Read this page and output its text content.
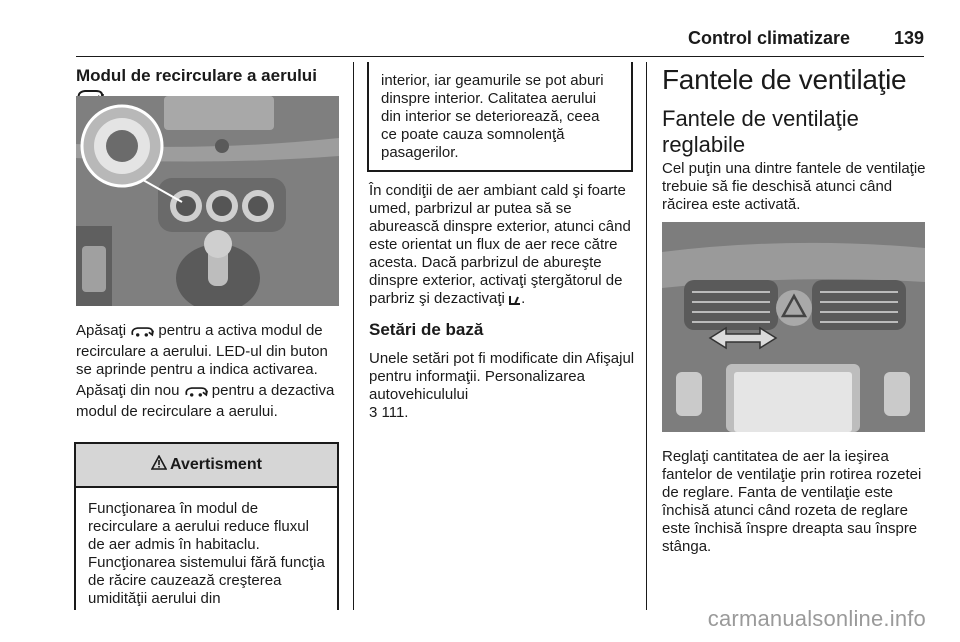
Control climatizare 139
Modul de recirculare a aerului

Apăsaţi  pentru a activa modul de recirculare a aerului. LED-ul din buton se aprinde pentru a indica activarea.

Apăsaţi din nou  pentru a dezactiva modul de recirculare a aerului.

Avertisment

Funcţionarea în modul de recirculare a aerului reduce fluxul de aer admis în habitaclu. Funcţionarea sistemului fără funcţia de răcire cauzează creşterea umidităţii aerului din

interior, iar geamurile se pot aburi dinspre interior. Calitatea aerului din interior se deteriorează, ceea ce poate cauza somnolenţă pasagerilor.

În condiţii de aer ambiant cald şi foarte umed, parbrizul ar putea să se aburească dinspre exterior, atunci când este orientat un flux de aer rece către acesta. Dacă parbrizul de abureşte dinspre exterior, activaţi ştergătorul de parbriz şi dezactivaţi .

Setări de bază

Unele setări pot fi modificate din Afişajul pentru informaţii. Personalizarea autovehiculului
3 111.

Fantele de ventilaţie
Fantele de ventilaţie reglabile

Cel puţin una dintre fantele de ventilaţie trebuie să fie deschisă atunci când răcirea este activată.

Reglaţi cantitatea de aer la ieşirea fantelor de ventilaţie prin rotirea rozetei de reglare. Fanta de ventilaţie este închisă atunci când rozeta de reglare este închisă înspre dreapta sau înspre stânga.

carmanualsonline.info
